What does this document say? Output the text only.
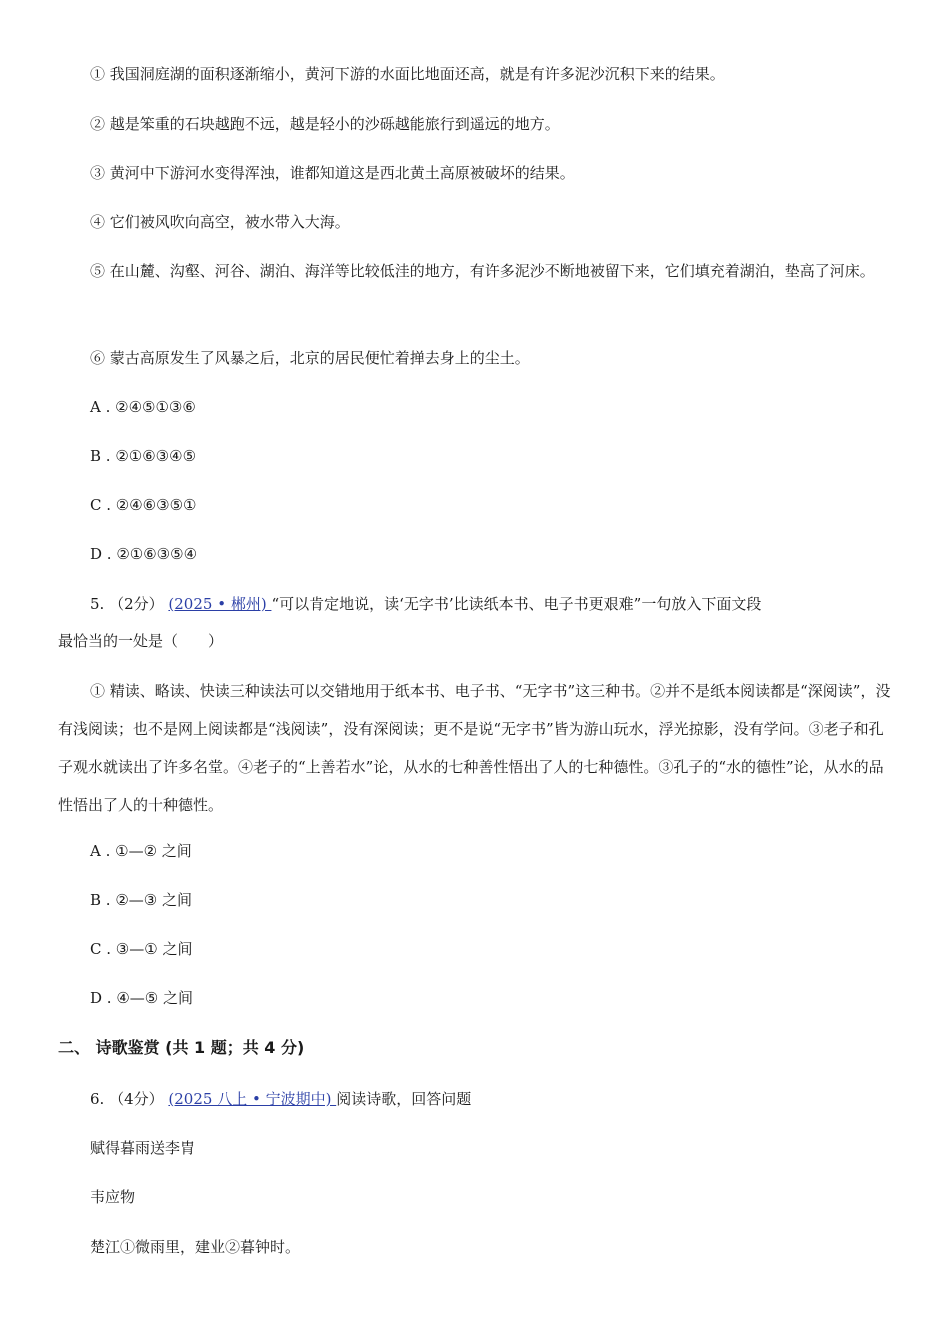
① 我国洞庭湖的面积逐渐缩小，黄河下游的水面比地面还高，就是有许多泥沙沉积下来的结果。
② 越是笨重的石块越跑不远，越是轻小的沙砾越能旅行到遥远的地方。
③ 黄河中下游河水变得浑浊，谁都知道这是西北黄土高原被破坏的结果。
④ 它们被风吹向高空，被水带入大海。
⑤ 在山麓、沟壑、河谷、湖泊、海洋等比较低洼的地方，有许多泥沙不断地被留下来，它们填充着湖泊，垫高了河床。
⑥ 蒙古高原发生了风暴之后，北京的居民便忙着掸去身上的尘土。
A . ②④⑤①③⑥
B . ②①⑥③④⑤
C . ②④⑥③⑤①
D . ②①⑥③⑤④
5. （2分） (2025 • 郴州) “可以肯定地说，读‘无字书’比读纸本书、电子书更艰难”一句放入下面文段
最恰当的一处是（　　）
① 精读、略读、快读三种读法可以交错地用于纸本书、电子书、“无字书”这三种书。②并不是纸本阅读都是“深阅读”，没有浅阅读；也不是网上阅读都是“浅阅读”，没有深阅读；更不是说“无字书”皆为游山玩水，浮光掠影，没有学问。③老子和孔子观水就读出了许多名堂。④老子的“上善若水”论，从水的七种善性悟出了人的七种德性。③孔子的“水的德性”论，从水的品性悟出了人的十种德性。
A . ①—② 之间
B . ②—③ 之间
C . ③—① 之间
D . ④—⑤ 之间
二、 诗歌鉴赏 (共 1 题；共 4 分)
6. （4分） (2025 八上 • 宁波期中) 阅读诗歌，回答问题
赋得暮雨送李胄
韦应物
楚江①微雨里，建业②暮钟时。
